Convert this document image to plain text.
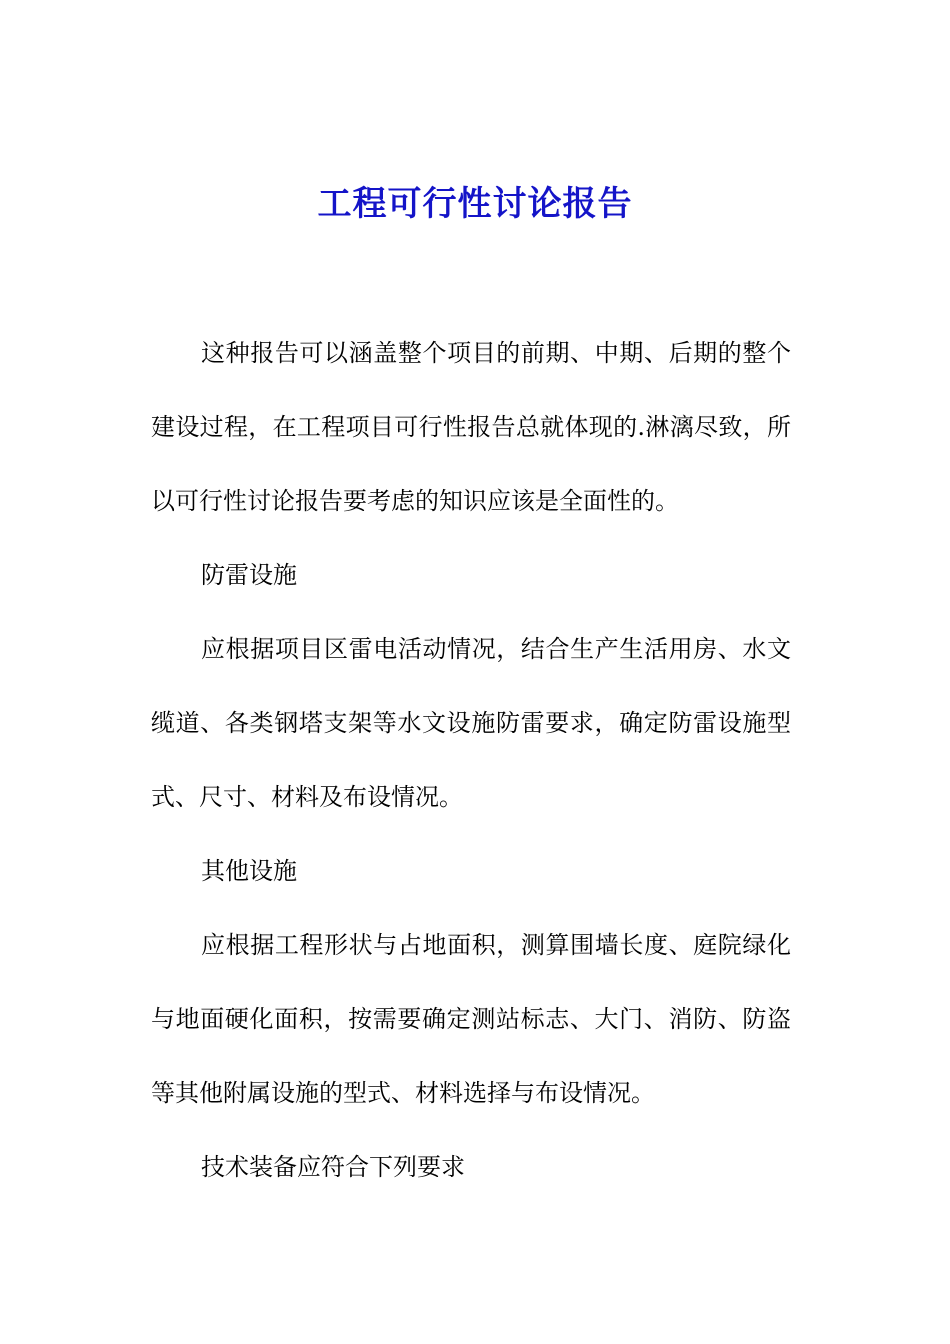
工程可行性讨论报告

这种报告可以涵盖整个项目的前期、中期、后期的整个建设过程，在工程项目可行性报告总就体现的.淋漓尽致，所以可行性讨论报告要考虑的知识应该是全面性的。

防雷设施

应根据项目区雷电活动情况，结合生产生活用房、水文缆道、各类钢塔支架等水文设施防雷要求，确定防雷设施型式、尺寸、材料及布设情况。

其他设施

应根据工程形状与占地面积，测算围墙长度、庭院绿化与地面硬化面积，按需要确定测站标志、大门、消防、防盗等其他附属设施的型式、材料选择与布设情况。

技术装备应符合下列要求
